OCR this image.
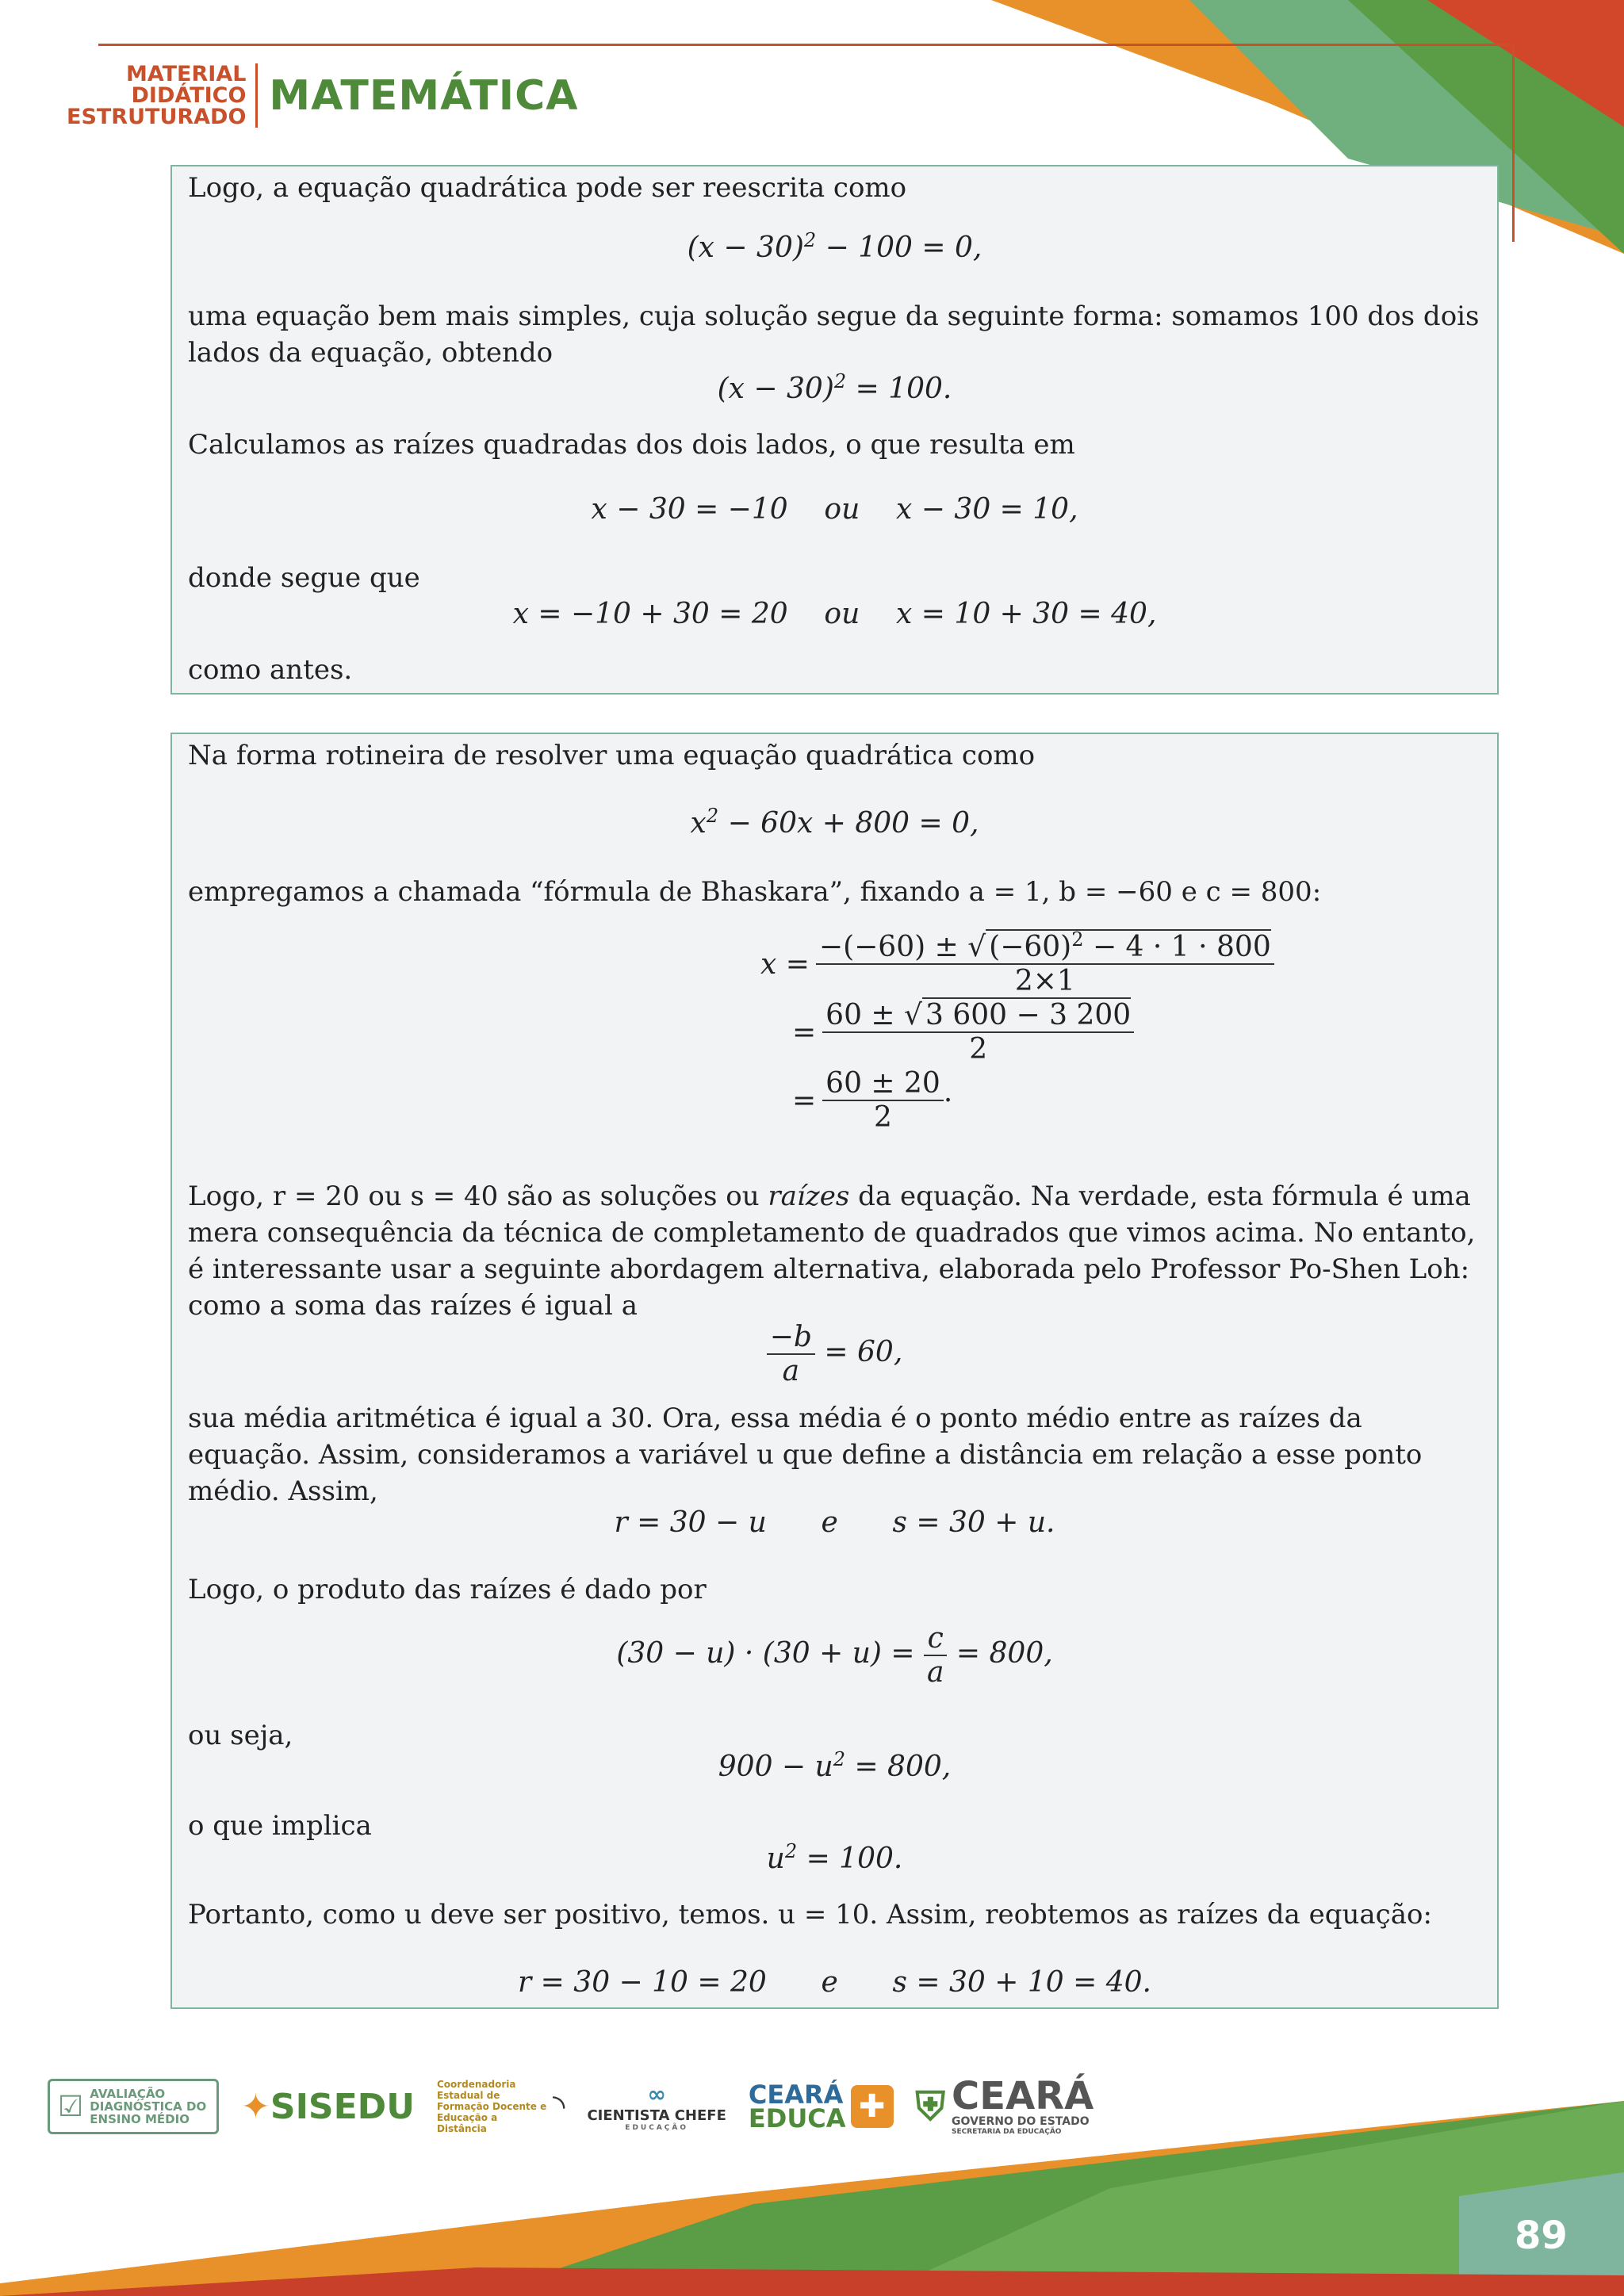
MATERIAL
DIDÁTICO
ESTRUTURADO MATEMÁTICA

Logo, a equação quadrática pode ser reescrita como

$(x - 30)^2 - 100 = 0$,

uma equação bem mais simples, cuja solução segue da seguinte forma: somamos 100 dos dois lados da equação, obtendo

$(x - 30)^2 = 100$.

Calculamos as raízes quadradas dos dois lados, o que resulta em

x − 30 = −10    ou    x − 30 = 10,

donde segue que

x = −10 + 30 = 20    ou    x = 10 + 30 = 40,

como antes.

Na forma rotineira de resolver uma equação quadrática como

$x^2 - 60x + 800 = 0$,

empregamos a chamada “fórmula de Bhaskara”, fixando a = 1, b = −60 e c = 800:

$x = \frac{-(-60) \pm √ (-60)^2 - 4 \cdot 1 \cdot 800}{2\times 1}$
= $\frac{60 \pm √ 3 600 - 3 200}{2}$
= $\frac{60 \pm 20}{2}$ ·

Logo, r = 20 ou s = 40 são as soluções ou raízes da equação. Na verdade, esta fórmula é uma mera consequência da técnica de completamento de quadrados que vimos acima. No entanto, é interessante usar a seguinte abordagem alternativa, elaborada pelo Professor Po-Shen Loh: como a soma das raízes é igual a

$\frac{-b}{a} = 60$,

sua média aritmética é igual a 30. Ora, essa média é o ponto médio entre as raízes da equação. Assim, consideramos a variável u que define a distância em relação a esse ponto médio. Assim,

r = 30 − u      e      s = 30 + u.

Logo, o produto das raízes é dado por

$(30 - u) \cdot (30 + u) = \frac{c}{a} = 800$,

ou seja,

$900 - u^2 = 800$,

o que implica

$u^2 = 100$.

Portanto, como u deve ser positivo, temos. u = 10. Assim, reobtemos as raízes da equação:

r = 30 − 10 = 20      e      s = 30 + 10 = 40.
☑ AVALIAÇÃO DIAGNÓSTICA DO ENSINO MÉDIO	✦SISEDU
Coordenadoria Estadual de Formação Docente e Educação a Distância
◝	∞
CIENTISTA CHEFE
EDUCAÇÃO
CEARÁ
EDUCA ✚ ⛨ CEARÁ
GOVERNO DO ESTADO
SECRETARIA DA EDUCAÇÃO
89
